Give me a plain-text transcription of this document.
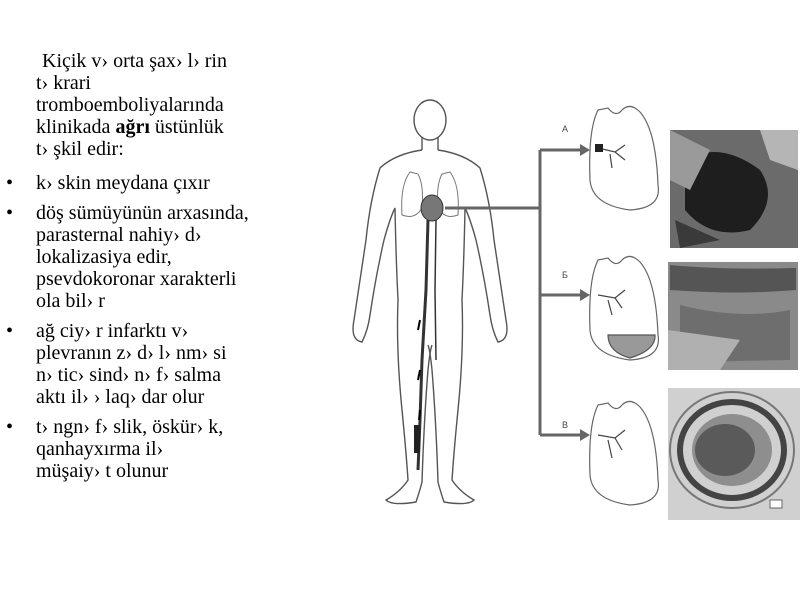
Kiçik v› orta şax› l› rin
t› krari
tromboemboliyalarında
klinikada ağrı üstünlük
t› şkil edir:

• k› skin meydana çıxır
• döş sümüyünün arxasında,
parasternal nahiy› d›
lokalizasiya edir,
psevdokoronar xarakterli
ola bil› r
• ağ ciy› r infarktı v›
plevranın z› d› l› nm› si
n› tic› sind› n› f› salma
aktı il› › laq› dar olur
• t› ngn› f› slik, öskür› k,
qanhayxırma il›
müşaiy› t olunur
A
Б
В
